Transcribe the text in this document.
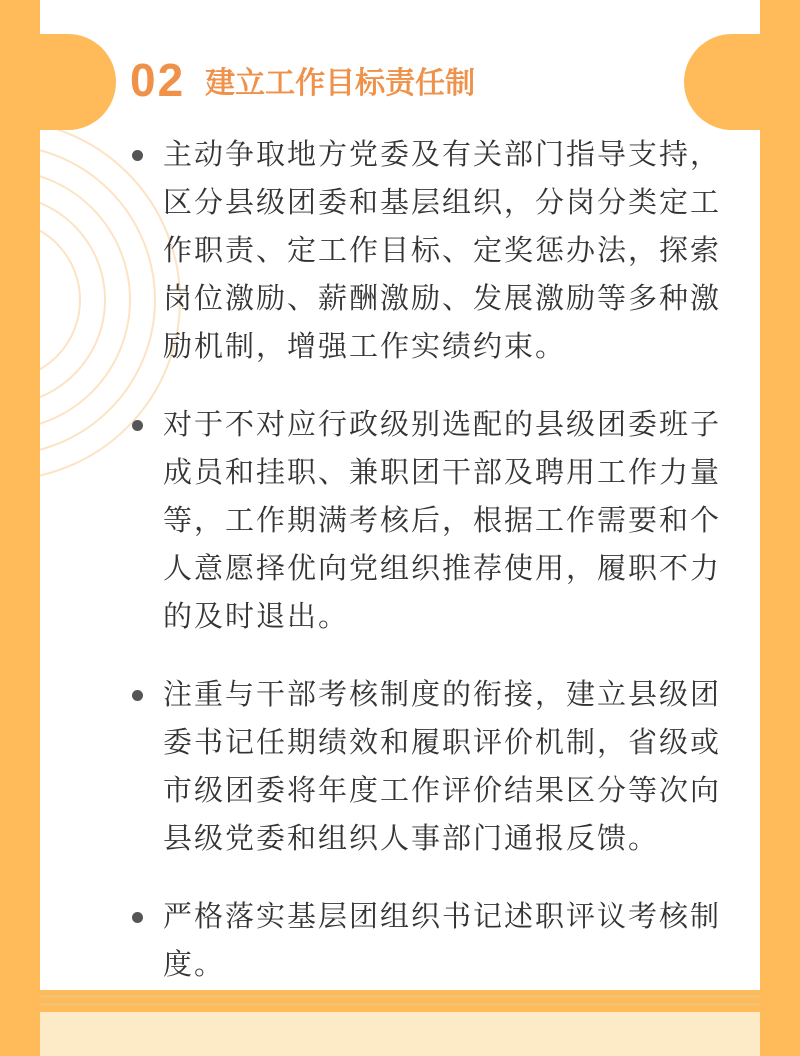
02 建立工作目标责任制
主动争取地方党委及有关部门指导支持，区分县级团委和基层组织，分岗分类定工作职责、定工作目标、定奖惩办法，探索岗位激励、薪酬激励、发展激励等多种激励机制，增强工作实绩约束。
对于不对应行政级别选配的县级团委班子成员和挂职、兼职团干部及聘用工作力量等，工作期满考核后，根据工作需要和个人意愿择优向党组织推荐使用，履职不力的及时退出。
注重与干部考核制度的衔接，建立县级团委书记任期绩效和履职评价机制，省级或市级团委将年度工作评价结果区分等次向县级党委和组织人事部门通报反馈。
严格落实基层团组织书记述职评议考核制度。
